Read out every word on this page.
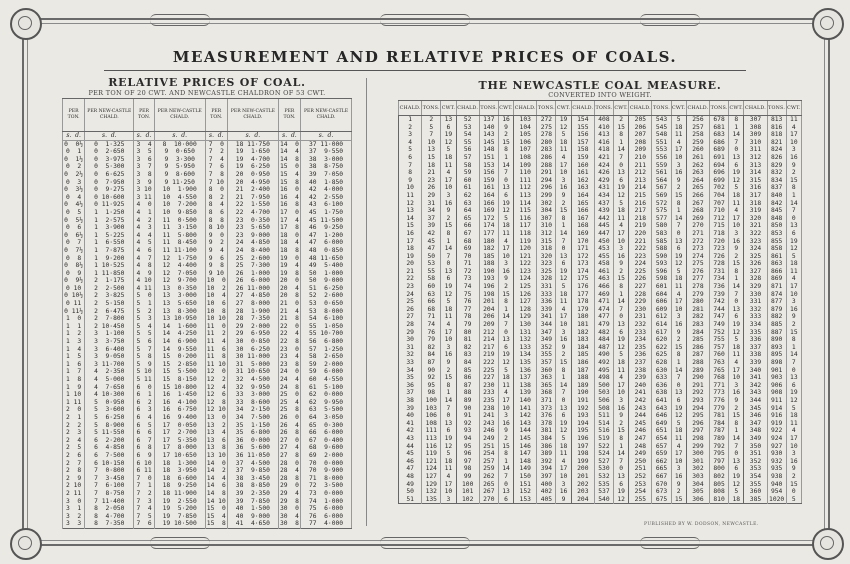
MEASUREMENT AND RELATIVE PRICES OF COALS.
RELATIVE PRICES OF COAL.
PER TON OF 20 CWT. AND NEWCASTLE CHALDRON OF 53 CWT.
THE NEWCASTLE COAL MEASURE.
CONVERTED INTO WEIGHT.
PER TON.	PER NEW-CASTLE CHALD.	PER TON.	PER NEW-CASTLE CHALD.	PER TON.	PER NEW-CASTLE CHALD.	PER TON.	PER NEW-CASTLE CHALD.
s.  d.	s.  d.	s.  d.	s.  d.	s.  d.	s.  d.	s.  d.	s.  d.
0  0½	0  1·325	3  4	8  10·000	7  0	18 11·750	14  0	37 11·000
0  1	0  2·650	3  5	9  0·650	7  2	19  1·650	14  4	37  9·550
0  1½	0  3·975	3  6	9  3·300	7  4	19  4·700	14  8	38  3·000
0  2	0  5·300	3  7	9  5·950	7  6	19  6·250	15  0	38  8·750
0  2½	0  6·625	3  8	9  8·600	7  8	20  0·950	15  4	39  7·050
0  3	0  7·950	3  9	9 11·250	7 10	20  4·950	15  8	40  1·850
0  3½	0  9·275	3 10	10  1·900	8  0	21  2·400	16  0	42  4·000
0  4	0 10·600	3 11	10  4·550	8  2	21  7·950	16  4	42  2·550
0  4½	0 11·925	4  0	10  7·200	8  4	22  1·550	16  8	43  6·100
0  5	1  1·250	4  1	10  9·850	8  6	22  4·700	17  0	45  1·750
0  5½	1  2·575	4  2	11  0·500	8  8	23  0·350	17  4	45 11·500
0  6	1  3·900	4  3	11  3·150	8 10	23  5·650	17  8	46  9·250
0  6½	1  5·225	4  4	11  5·800	9  0	23  9·000	18  0	47  1·200
0  7	1  6·550	4  5	11  8·450	9  2	24  4·850	18  4	47  6·000
0  7½	1  7·875	4  6	11 11·100	9  4	24  8·400	18  8	48  0·850
0  8	1  9·200	4  7	12  1·750	9  6	25  2·600	19  0	48 11·650
0  8½	1 10·525	4  8	12  4·400	9  8	25  7·300	19  4	49  5·400
0  9	1 11·850	4  9	12  7·050	9 10	26  1·000	19  8	50  1·000
0  9½	2  1·175	4 10	12  9·700	10  0	26  6·000	20  0	50  9·000
0 10	2  2·500	4 11	13  0·350	10  2	26 11·000	20  4	51  6·250
0 10½	2  3·825	5  0	13  3·000	10  4	27  4·850	20  8	52  2·600
0 11	2  5·150	5  1	13  5·650	10  6	27  8·000	21  0	53  0·650
0 11½	2  6·475	5  2	13  8·300	10  8	28  1·900	21  4	53  8·000
1  0	2  7·800	5  3	13 10·950	10 10	28  7·350	21  8	54  6·100
1  1	2 10·450	5  4	14  1·600	11  0	29  2·000	22  0	55  1·050
1  2	3  1·100	5  5	14  4·250	11  2	29  6·950	22  4	55 10·700
1  3	3  3·750	5  6	14  6·900	11  4	30  0·850	22  8	56  6·800
1  4	3  6·400	5  7	14  9·550	11  6	30  6·250	23  0	57  1·250
1  5	3  9·050	5  8	15  0·200	11  8	30 11·000	23  4	58  2·650
1  6	3 11·700	5  9	15  2·850	11 10	31  5·000	23  8	59  2·000
1  7	4  2·350	5 10	15  5·500	12  0	31 10·650	24  0	59  6·000
1  8	4  5·000	5 11	15  8·150	12  2	32  4·500	24  4	60  4·550
1  9	4  7·650	6  0	15 10·800	12  4	32  9·950	24  8	61  5·100
1 10	4 10·300	6  1	16  1·450	12  6	33  3·000	25  0	62  0·000
1 11	5  0·950	6  2	16  4·100	12  8	33  8·600	25  4	62  9·950
2  0	5  3·600	6  3	16  6·750	12 10	34  2·150	25  8	63  5·500
2  1	5  6·250	6  4	16  9·400	13  0	34  7·500	26  0	64  3·050
2  2	5  8·900	6  5	17  0·050	13  2	35  1·150	26  4	65  0·300
2  3	5 11·550	6  6	17  2·700	13  4	35  6·800	26  8	66  6·000
2  4	6  2·200	6  7	17  5·350	13  6	36  0·000	27  0	67  0·400
2  5	6  4·850	6  8	17  8·000	13  8	36  5·600	27  4	68  9·600
2  6	6  7·500	6  9	17 10·650	13 10	36 11·050	27  8	69  2·000
2  7	6 10·150	6 10	18  1·300	14  0	37  4·500	28  0	70  0·000
2  8	7  0·800	6 11	18  3·950	14  2	37  9·850	28  4	70  9·900
2  9	7  3·450	7  0	18  6·600	14  4	38  3·450	28  8	71  8·000
2 10	7  6·100	7  1	18  9·250	14  6	38  8·850	29  0	72  3·500
2 11	7  8·750	7  2	18 11·900	14  8	39  2·350	29  4	73  0·000
3  0	7 11·400	7  3	19  2·550	14 10	39  7·850	29  8	74  1·000
3  1	8  2·050	7  4	19  5·200	15  0	40  1·500	30  0	75  6·000
3  2	8  4·700	7  5	19  7·850	15  4	40  9·000	30  4	76  6·000
3  3	8  7·350	7  6	19 10·500	15  8	41  4·650	30  8	77  4·000
CHALD.	TONS.	CWT.	CHALD.	TONS.	CWT.	CHALD.	TONS.	CWT.	CHALD.	TONS.	CWT.	CHALD.	TONS.	CWT.	CHALD.	TONS.	CWT.	CHALD.	TONS.	CWT.
1	2	13	52	137	16	103	272	19	154	408	2	205	543	5	256	678	8	307	813	11
2	5	6	53	140	9	104	275	12	155	410	15	206	545	18	257	681	1	308	816	4
3	7	19	54	143	2	105	278	5	156	413	8	207	548	11	258	683	14	309	818	17
4	10	12	55	145	15	106	280	18	157	416	1	208	551	4	259	686	7	310	821	10
5	13	5	56	148	8	107	283	11	158	418	14	209	553	17	260	689	0	311	824	3
6	15	18	57	151	1	108	286	4	159	421	7	210	556	10	261	691	13	312	826	16
7	18	11	58	153	14	109	288	17	160	424	0	211	559	3	262	694	6	313	829	9
8	21	4	59	156	7	110	291	10	161	426	13	212	561	16	263	696	19	314	832	2
9	23	17	60	159	0	111	294	3	162	429	6	213	564	9	264	699	12	315	834	15
10	26	10	61	161	13	112	296	16	163	431	19	214	567	2	265	702	5	316	837	8
11	29	3	62	164	6	113	299	9	164	434	12	215	569	15	266	704	18	317	840	1
12	31	16	63	166	19	114	302	2	165	437	5	216	572	8	267	707	11	318	842	14
13	34	9	64	169	12	115	304	15	166	439	18	217	575	1	268	710	4	319	845	7
14	37	2	65	172	5	116	307	8	167	442	11	218	577	14	269	712	17	320	848	0
15	39	15	66	174	18	117	310	1	168	445	4	219	580	7	270	715	10	321	850	13
16	42	8	67	177	11	118	312	14	169	447	17	220	583	0	271	718	3	322	853	6
17	45	1	68	180	4	119	315	7	170	450	10	221	585	13	272	720	16	323	855	19
18	47	14	69	182	17	120	318	0	171	453	3	222	588	6	273	723	9	324	858	12
19	50	7	70	185	10	121	320	13	172	455	16	223	590	19	274	726	2	325	861	5
20	53	0	71	188	3	122	323	6	173	458	9	224	593	12	275	728	15	326	863	18
21	55	13	72	190	16	123	325	19	174	461	2	225	596	5	276	731	8	327	866	11
22	58	6	73	193	9	124	328	12	175	463	15	226	598	18	277	734	1	328	869	4
23	60	19	74	196	2	125	331	5	176	466	8	227	601	11	278	736	14	329	871	17
24	63	12	75	198	15	126	333	18	177	469	1	228	604	4	279	739	7	330	874	10
25	66	5	76	201	8	127	336	11	178	471	14	229	606	17	280	742	0	331	877	3
26	68	18	77	204	1	128	339	4	179	474	7	230	609	10	281	744	13	332	879	16
27	71	11	78	206	14	129	341	17	180	477	0	231	612	3	282	747	6	333	882	9
28	74	4	79	209	7	130	344	10	181	479	13	232	614	16	283	749	19	334	885	2
29	76	17	80	212	0	131	347	3	182	482	6	233	617	9	284	752	12	335	887	15
30	79	10	81	214	13	132	349	16	183	484	19	234	620	2	285	755	5	336	890	8
31	82	3	82	217	6	133	352	9	184	487	12	235	622	15	286	757	18	337	893	1
32	84	16	83	219	19	134	355	2	185	490	5	236	625	8	287	760	11	338	895	14
33	87	9	84	222	12	135	357	15	186	492	18	237	628	1	288	763	4	339	898	7
34	90	2	85	225	5	136	360	8	187	495	11	238	630	14	289	765	17	340	901	0
35	92	15	86	227	18	137	363	1	188	498	4	239	633	7	290	768	10	341	903	13
36	95	8	87	230	11	138	365	14	189	500	17	240	636	0	291	771	3	342	906	6
37	98	1	88	233	4	139	368	7	190	503	10	241	638	13	292	773	16	343	908	19
38	100	14	89	235	17	140	371	0	191	506	3	242	641	6	293	776	9	344	911	12
39	103	7	90	238	10	141	373	13	192	508	16	243	643	19	294	779	2	345	914	5
40	106	0	91	241	3	142	376	6	193	511	9	244	646	12	295	781	15	346	916	18
41	108	13	92	243	16	143	378	19	194	514	2	245	649	5	296	784	8	347	919	11
42	111	6	93	246	9	144	381	12	195	516	15	246	651	18	297	787	1	348	922	4
43	113	19	94	249	2	145	384	5	196	519	8	247	654	11	298	789	14	349	924	17
44	116	12	95	251	15	146	386	18	197	522	1	248	657	4	299	792	7	350	927	10
45	119	5	96	254	8	147	389	11	198	524	14	249	659	17	300	795	0	351	930	3
46	121	18	97	257	1	148	392	4	199	527	7	250	662	10	301	797	13	352	932	16
47	124	11	98	259	14	149	394	17	200	530	0	251	665	3	302	800	6	353	935	9
48	127	4	99	262	7	150	397	10	201	532	13	252	667	16	303	802	19	354	938	2
49	129	17	100	265	0	151	400	3	202	535	6	253	670	9	304	805	12	355	940	15
50	132	10	101	267	13	152	402	16	203	537	19	254	673	2	305	808	5	360	954	0
51	135	3	102	270	6	153	405	9	204	540	12	255	675	15	306	810	18	385	1020	5
PUBLISHED BY W. DODSON, NEWCASTLE.
